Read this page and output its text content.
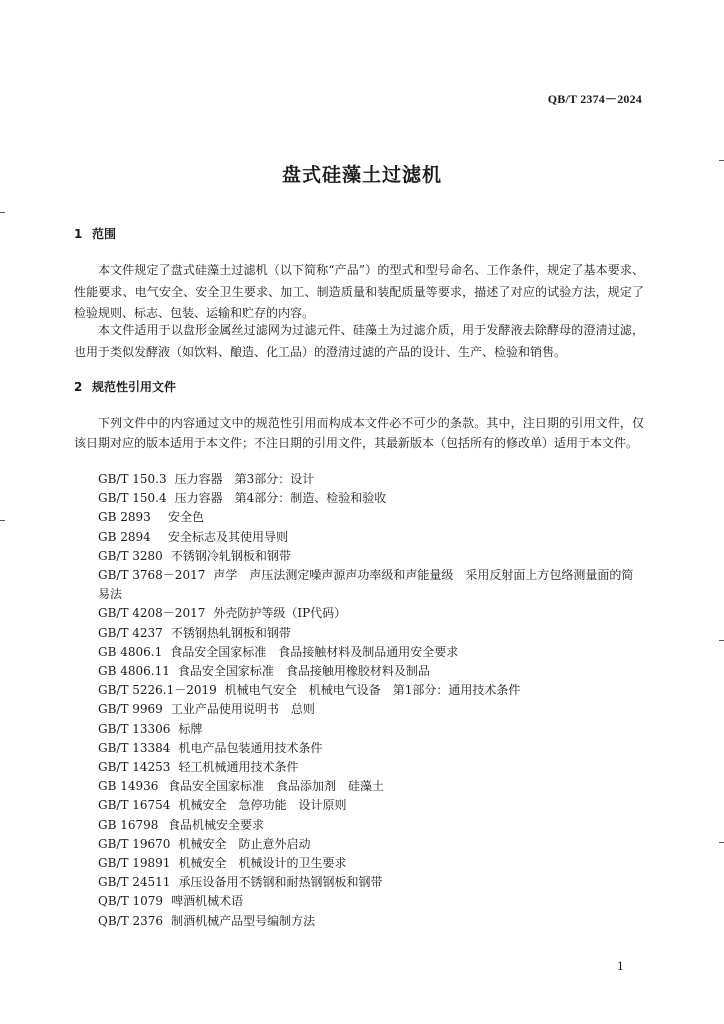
QB/T 2374－2024
盘式硅藻土过滤机
1 范围
本文件规定了盘式硅藻土过滤机（以下简称“产品”）的型式和型号命名、工作条件，规定了基本要求、性能要求、电气安全、安全卫生要求、加工、制造质量和装配质量等要求，描述了对应的试验方法，规定了检验规则、标志、包装、运输和贮存的内容。
本文件适用于以盘形金属丝过滤网为过滤元件、硅藻土为过滤介质，用于发酵液去除酵母的澄清过滤，也用于类似发酵液（如饮料、酿造、化工品）的澄清过滤的产品的设计、生产、检验和销售。
2 规范性引用文件
下列文件中的内容通过文中的规范性引用而构成本文件必不可少的条款。其中，注日期的引用文件，仅该日期对应的版本适用于本文件；不注日期的引用文件，其最新版本（包括所有的修改单）适用于本文件。
GB/T 150.3 压力容器　第3部分：设计
GB/T 150.4 压力容器　第4部分：制造、检验和验收
GB 2893 安全色
GB 2894 安全标志及其使用导则
GB/T 3280 不锈钢冷轧钢板和钢带
GB/T 3768－2017 声学　声压法测定噪声源声功率级和声能量级　采用反射面上方包络测量面的简易法
GB/T 4208－2017 外壳防护等级（IP代码）
GB/T 4237 不锈钢热轧钢板和钢带
GB 4806.1 食品安全国家标准　食品接触材料及制品通用安全要求
GB 4806.11 食品安全国家标准　食品接触用橡胶材料及制品
GB/T 5226.1－2019 机械电气安全　机械电气设备　第1部分：通用技术条件
GB/T 9969 工业产品使用说明书　总则
GB/T 13306 标牌
GB/T 13384 机电产品包装通用技术条件
GB/T 14253 轻工机械通用技术条件
GB 14936 食品安全国家标准　食品添加剂　硅藻土
GB/T 16754 机械安全　急停功能　设计原则
GB 16798 食品机械安全要求
GB/T 19670 机械安全　防止意外启动
GB/T 19891 机械安全　机械设计的卫生要求
GB/T 24511 承压设备用不锈钢和耐热钢钢板和钢带
QB/T 1079 啤酒机械术语
QB/T 2376 制酒机械产品型号编制方法
1
